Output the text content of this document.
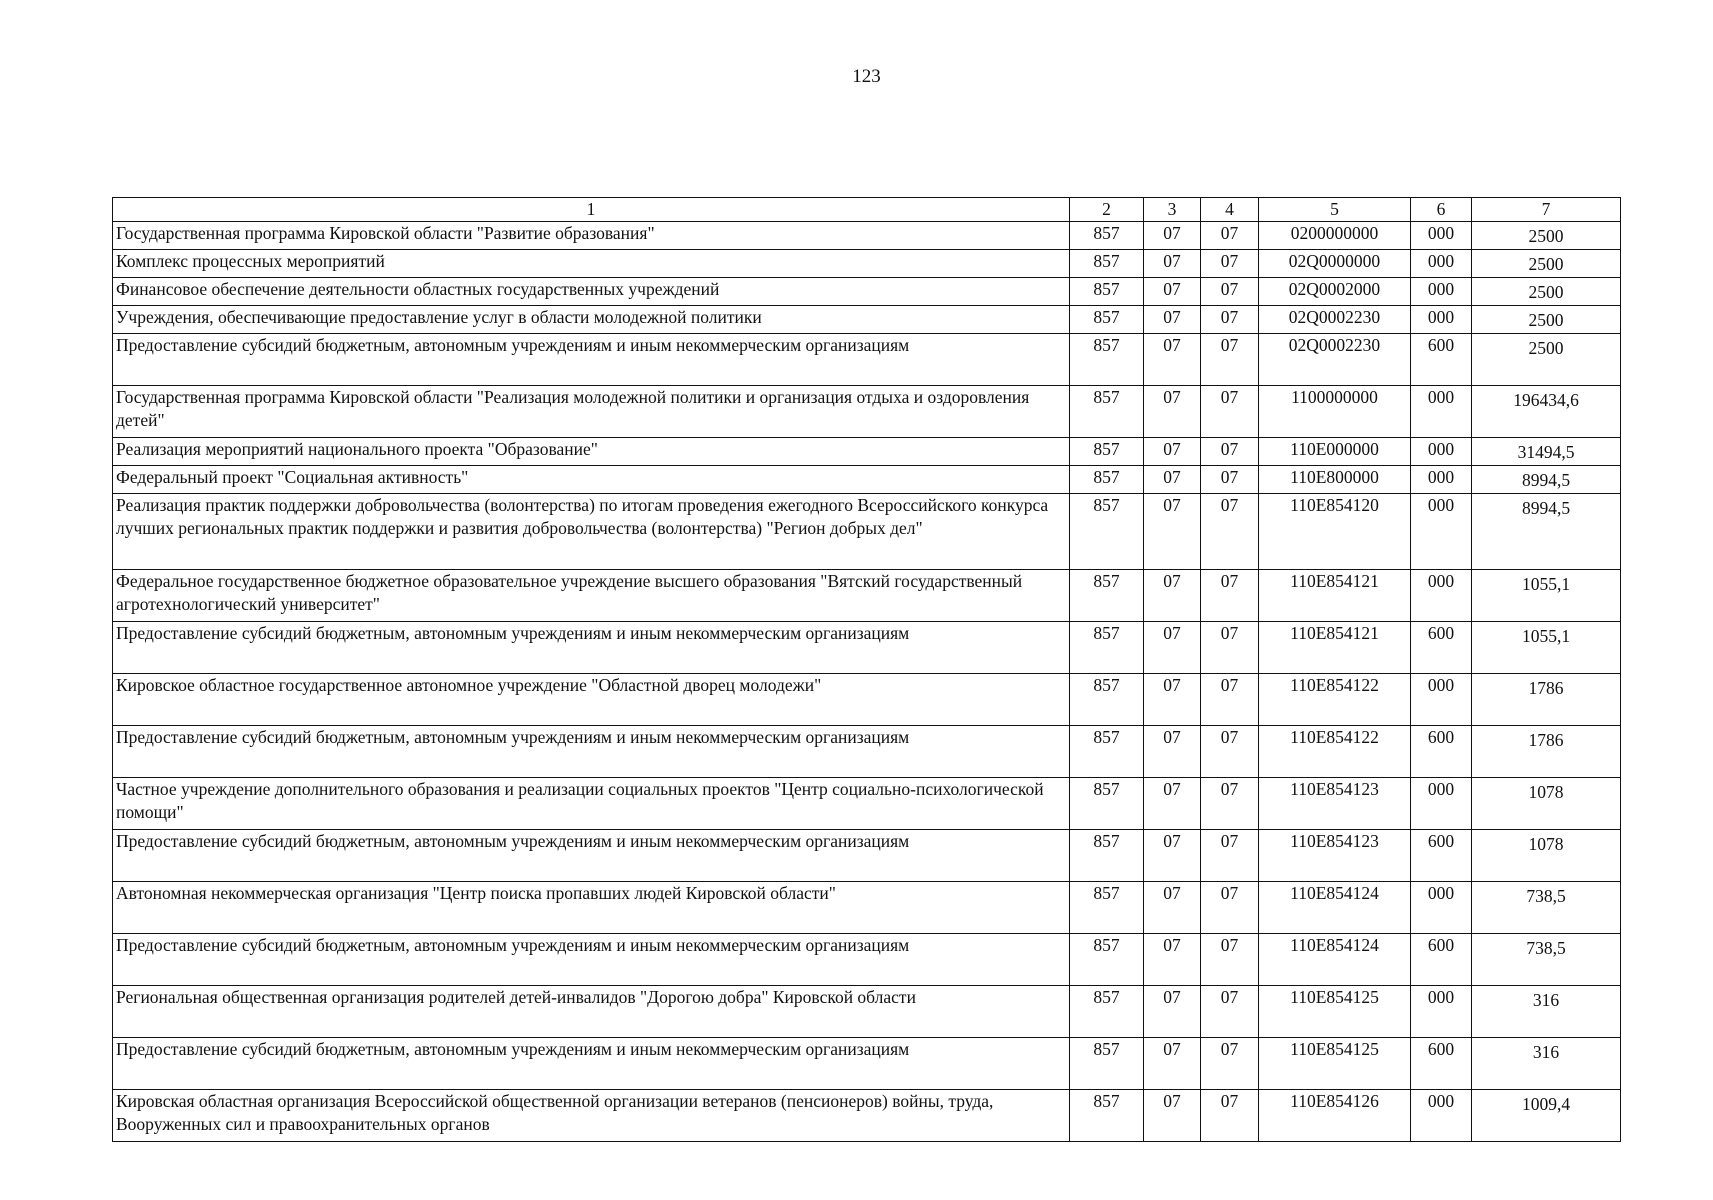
123
1	2	3	4	5	6	7
Государственная программа Кировской области "Развитие образования"	857	07	07	0200000000	000	2500
Комплекс процессных мероприятий	857	07	07	02Q0000000	000	2500
Финансовое обеспечение деятельности областных государственных учреждений	857	07	07	02Q0002000	000	2500
Учреждения, обеспечивающие предоставление услуг в области молодежной политики	857	07	07	02Q0002230	000	2500
Предоставление субсидий бюджетным, автономным учреждениям и иным некоммерческим организациям	857	07	07	02Q0002230	600	2500
Государственная программа Кировской области "Реализация молодежной политики и организация отдыха и оздоровления детей"	857	07	07	1100000000	000	196434,6
Реализация мероприятий национального проекта "Образование"	857	07	07	110E000000	000	31494,5
Федеральный проект "Социальная активность"	857	07	07	110E800000	000	8994,5
Реализация практик поддержки добровольчества (волонтерства) по итогам проведения ежегодного Всероссийского конкурса лучших региональных практик поддержки и развития добровольчества (волонтерства) "Регион добрых дел"	857	07	07	110E854120	000	8994,5
Федеральное государственное бюджетное образовательное учреждение высшего образования "Вятский государственный агротехнологический университет"	857	07	07	110E854121	000	1055,1
Предоставление субсидий бюджетным, автономным учреждениям и иным некоммерческим организациям	857	07	07	110E854121	600	1055,1
Кировское областное государственное автономное учреждение "Областной дворец молодежи"	857	07	07	110E854122	000	1786
Предоставление субсидий бюджетным, автономным учреждениям и иным некоммерческим организациям	857	07	07	110E854122	600	1786
Частное учреждение дополнительного образования и реализации социальных проектов "Центр социально-психологической помощи"	857	07	07	110E854123	000	1078
Предоставление субсидий бюджетным, автономным учреждениям и иным некоммерческим организациям	857	07	07	110E854123	600	1078
Автономная некоммерческая организация "Центр поиска пропавших людей Кировской области"	857	07	07	110E854124	000	738,5
Предоставление субсидий бюджетным, автономным учреждениям и иным некоммерческим организациям	857	07	07	110E854124	600	738,5
Региональная общественная организация родителей детей-инвалидов "Дорогою добра" Кировской области	857	07	07	110E854125	000	316
Предоставление субсидий бюджетным, автономным учреждениям и иным некоммерческим организациям	857	07	07	110E854125	600	316
Кировская областная организация Всероссийской общественной организации ветеранов (пенсионеров) войны, труда, Вооруженных сил и правоохранительных органов	857	07	07	110E854126	000	1009,4
